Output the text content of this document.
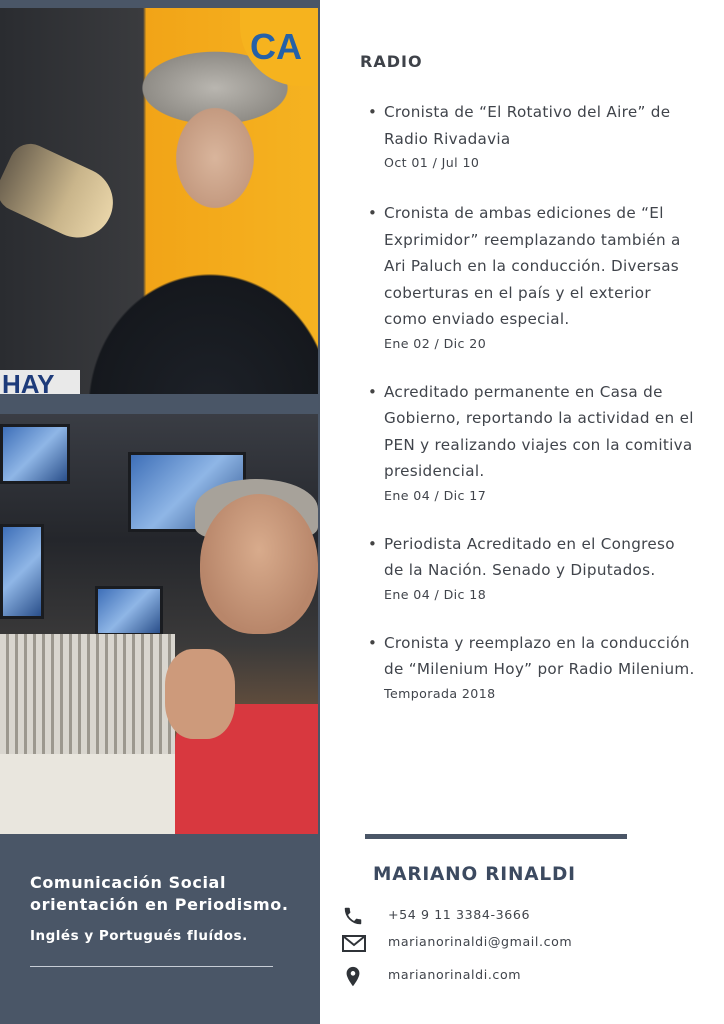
CA
HAY
Comunicación Social
orientación en Periodismo.
Inglés y Portugués fluídos.
RADIO
• Cronista de “El Rotativo del Aire” de Radio Rivadavia
Oct 01 / Jul 10
• Cronista de ambas ediciones de “El Exprimidor” reemplazando también a Ari Paluch en la conducción. Diversas coberturas en el país y el exterior como enviado especial.
Ene 02 / Dic 20
• Acreditado permanente en Casa de Gobierno, reportando la actividad en el PEN y realizando viajes con la comitiva presidencial.
Ene 04 / Dic 17
• Periodista Acreditado en el Congreso de la Nación. Senado y Diputados.
Ene 04 / Dic 18
• Cronista y reemplazo en la conducción de “Milenium Hoy” por Radio Milenium.
Temporada 2018
MARIANO RINALDI
+54 9 11 3384-3666
marianorinaldi@gmail.com
marianorinaldi.com
